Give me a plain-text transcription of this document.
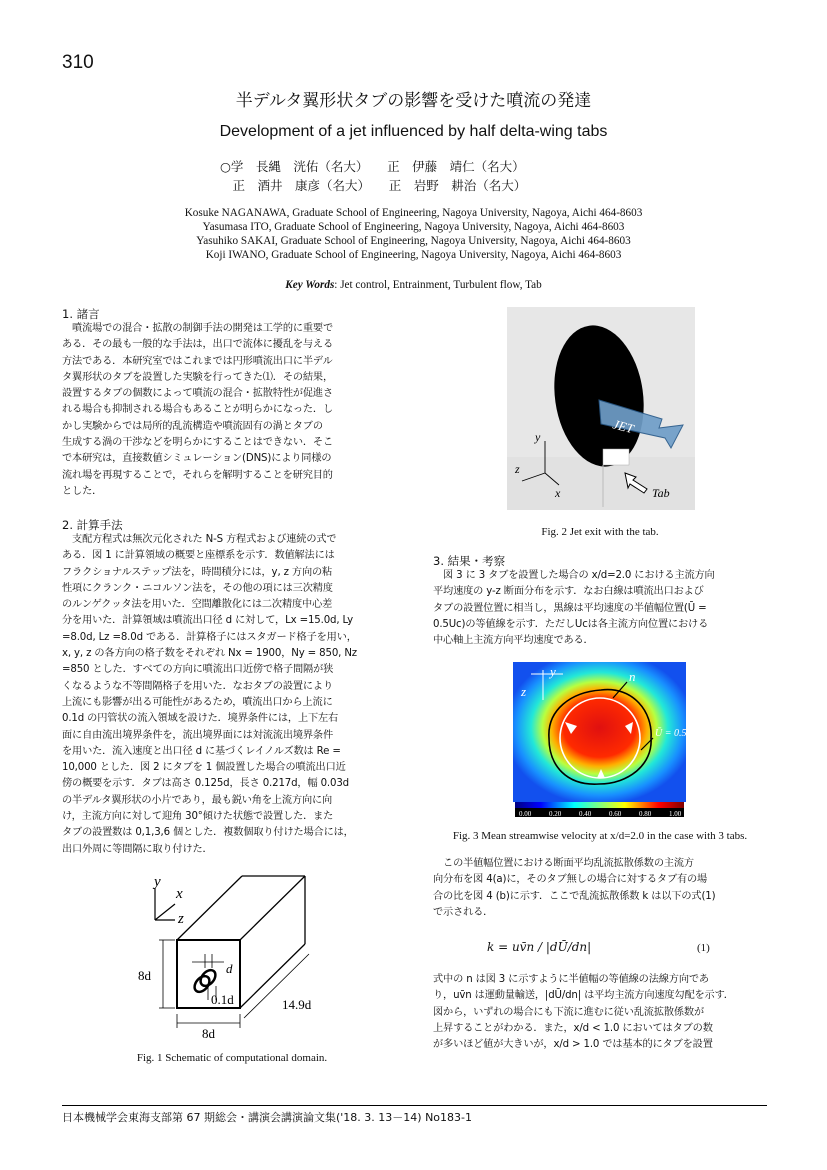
310
半デルタ翼形状タブの影響を受けた噴流の発達
Development of a jet influenced by half delta-wing tabs
○学　長縄　洸佑（名大）　　正　伊藤　靖仁（名大）
　正　酒井　康彦（名大）　　正　岩野　耕治（名大）
Kosuke NAGANAWA, Graduate School of Engineering, Nagoya University, Nagoya, Aichi 464-8603
Yasumasa ITO, Graduate School of Engineering, Nagoya University, Nagoya, Aichi 464-8603
Yasuhiko SAKAI, Graduate School of Engineering, Nagoya University, Nagoya, Aichi 464-8603
Koji IWANO, Graduate School of Engineering, Nagoya University, Nagoya, Aichi 464-8603
Key Words: Jet control, Entrainment, Turbulent flow, Tab
1. 諸言
　噴流場での混合・拡散の制御手法の開発は工学的に重要で
ある．その最も一般的な手法は，出口で流体に擾乱を与える
方法である．本研究室ではこれまでは円形噴流出口に半デル
タ翼形状のタブを設置した実験を行ってきた⑴．その結果，
設置するタブの個数によって噴流の混合・拡散特性が促進さ
れる場合も抑制される場合もあることが明らかになった．し
かし実験からでは局所的乱流構造や噴流固有の渦とタブの
生成する渦の干渉などを明らかにすることはできない．そこ
で本研究は，直接数値シミュレーション(DNS)により同様の
流れ場を再現することで，それらを解明することを研究目的
とした．
2. 計算手法
　支配方程式は無次元化された N-S 方程式および連続の式で
ある．図 1 に計算領域の概要と座標系を示す．数値解法には
フラクショナルステップ法を，時間積分には，y, z 方向の粘
性項にクランク・ニコルソン法を，その他の項には三次精度
のルンゲクッタ法を用いた．空間離散化には二次精度中心差
分を用いた．計算領域は噴流出口径 d に対して，Lx =15.0d, Ly
=8.0d, Lz =8.0d である．計算格子にはスタガード格子を用い，
x, y, z の各方向の格子数をそれぞれ Nx = 1900，Ny = 850, Nz
=850 とした．すべての方向に噴流出口近傍で格子間隔が狭
くなるような不等間隔格子を用いた．なおタブの設置により
上流にも影響が出る可能性があるため，噴流出口から上流に
0.1d の円管状の流入領域を設けた．境界条件には，上下左右
面に自由流出境界条件を，流出境界面には対流流出境界条件
を用いた．流入速度と出口径 d に基づくレイノルズ数は Re =
10,000 とした．図 2 にタブを 1 個設置した場合の噴流出口近
傍の概要を示す．タブは高さ 0.125d，長さ 0.217d，幅 0.03d
の半デルタ翼形状の小片であり，最も鋭い角を上流方向に向
け，主流方向に対して迎角 30°傾けた状態で設置した．また
タブの設置数は 0,1,3,6 個とした．複数個取り付けた場合には，
出口外周に等間隔に取り付けた．
y
x
z
d
0.1d
8d
8d
14.9d
Fig. 1 Schematic of computational domain.
JET
y
z
x	Tab
Fig. 2 Jet exit with the tab.
3. 結果・考察
　図 3 に 3 タブを設置した場合の x/d=2.0 における主流方向
平均速度の y-z 断面分布を示す．なお白線は噴流出口および
タブの設置位置に相当し，黒線は平均速度の半値幅位置(Ū =
0.5Uc)の等値線を示す．ただしUcは各主流方向位置における
中心軸上主流方向平均速度である．
y
z
n
Ū = 0.5Uc
0.00	0.20	0.40	0.60	0.80	1.00
Fig. 3 Mean streamwise velocity at x/d=2.0 in the case with 3 tabs.
　この半値幅位置における断面平均乱流拡散係数の主流方
向分布を図 4(a)に，そのタブ無しの場合に対するタブ有の場
合の比を図 4 (b)に示す．ここで乱流拡散係数 k は以下の式(1)
で示される．
k = uv̄n / |dŪ/dn|	(1)
式中の n は図 3 に示すように半値幅の等値線の法線方向であ
り，uv̄n は運動量輸送，|dŪ/dn| は平均主流方向速度勾配を示す．
図から，いずれの場合にも下流に進むに従い乱流拡散係数が
上昇することがわかる．また，x/d < 1.0 においてはタブの数
が多いほど値が大きいが，x/d > 1.0 では基本的にタブを設置
日本機械学会東海支部第 67 期総会・講演会講演論文集('18. 3. 13－14) No183-1
